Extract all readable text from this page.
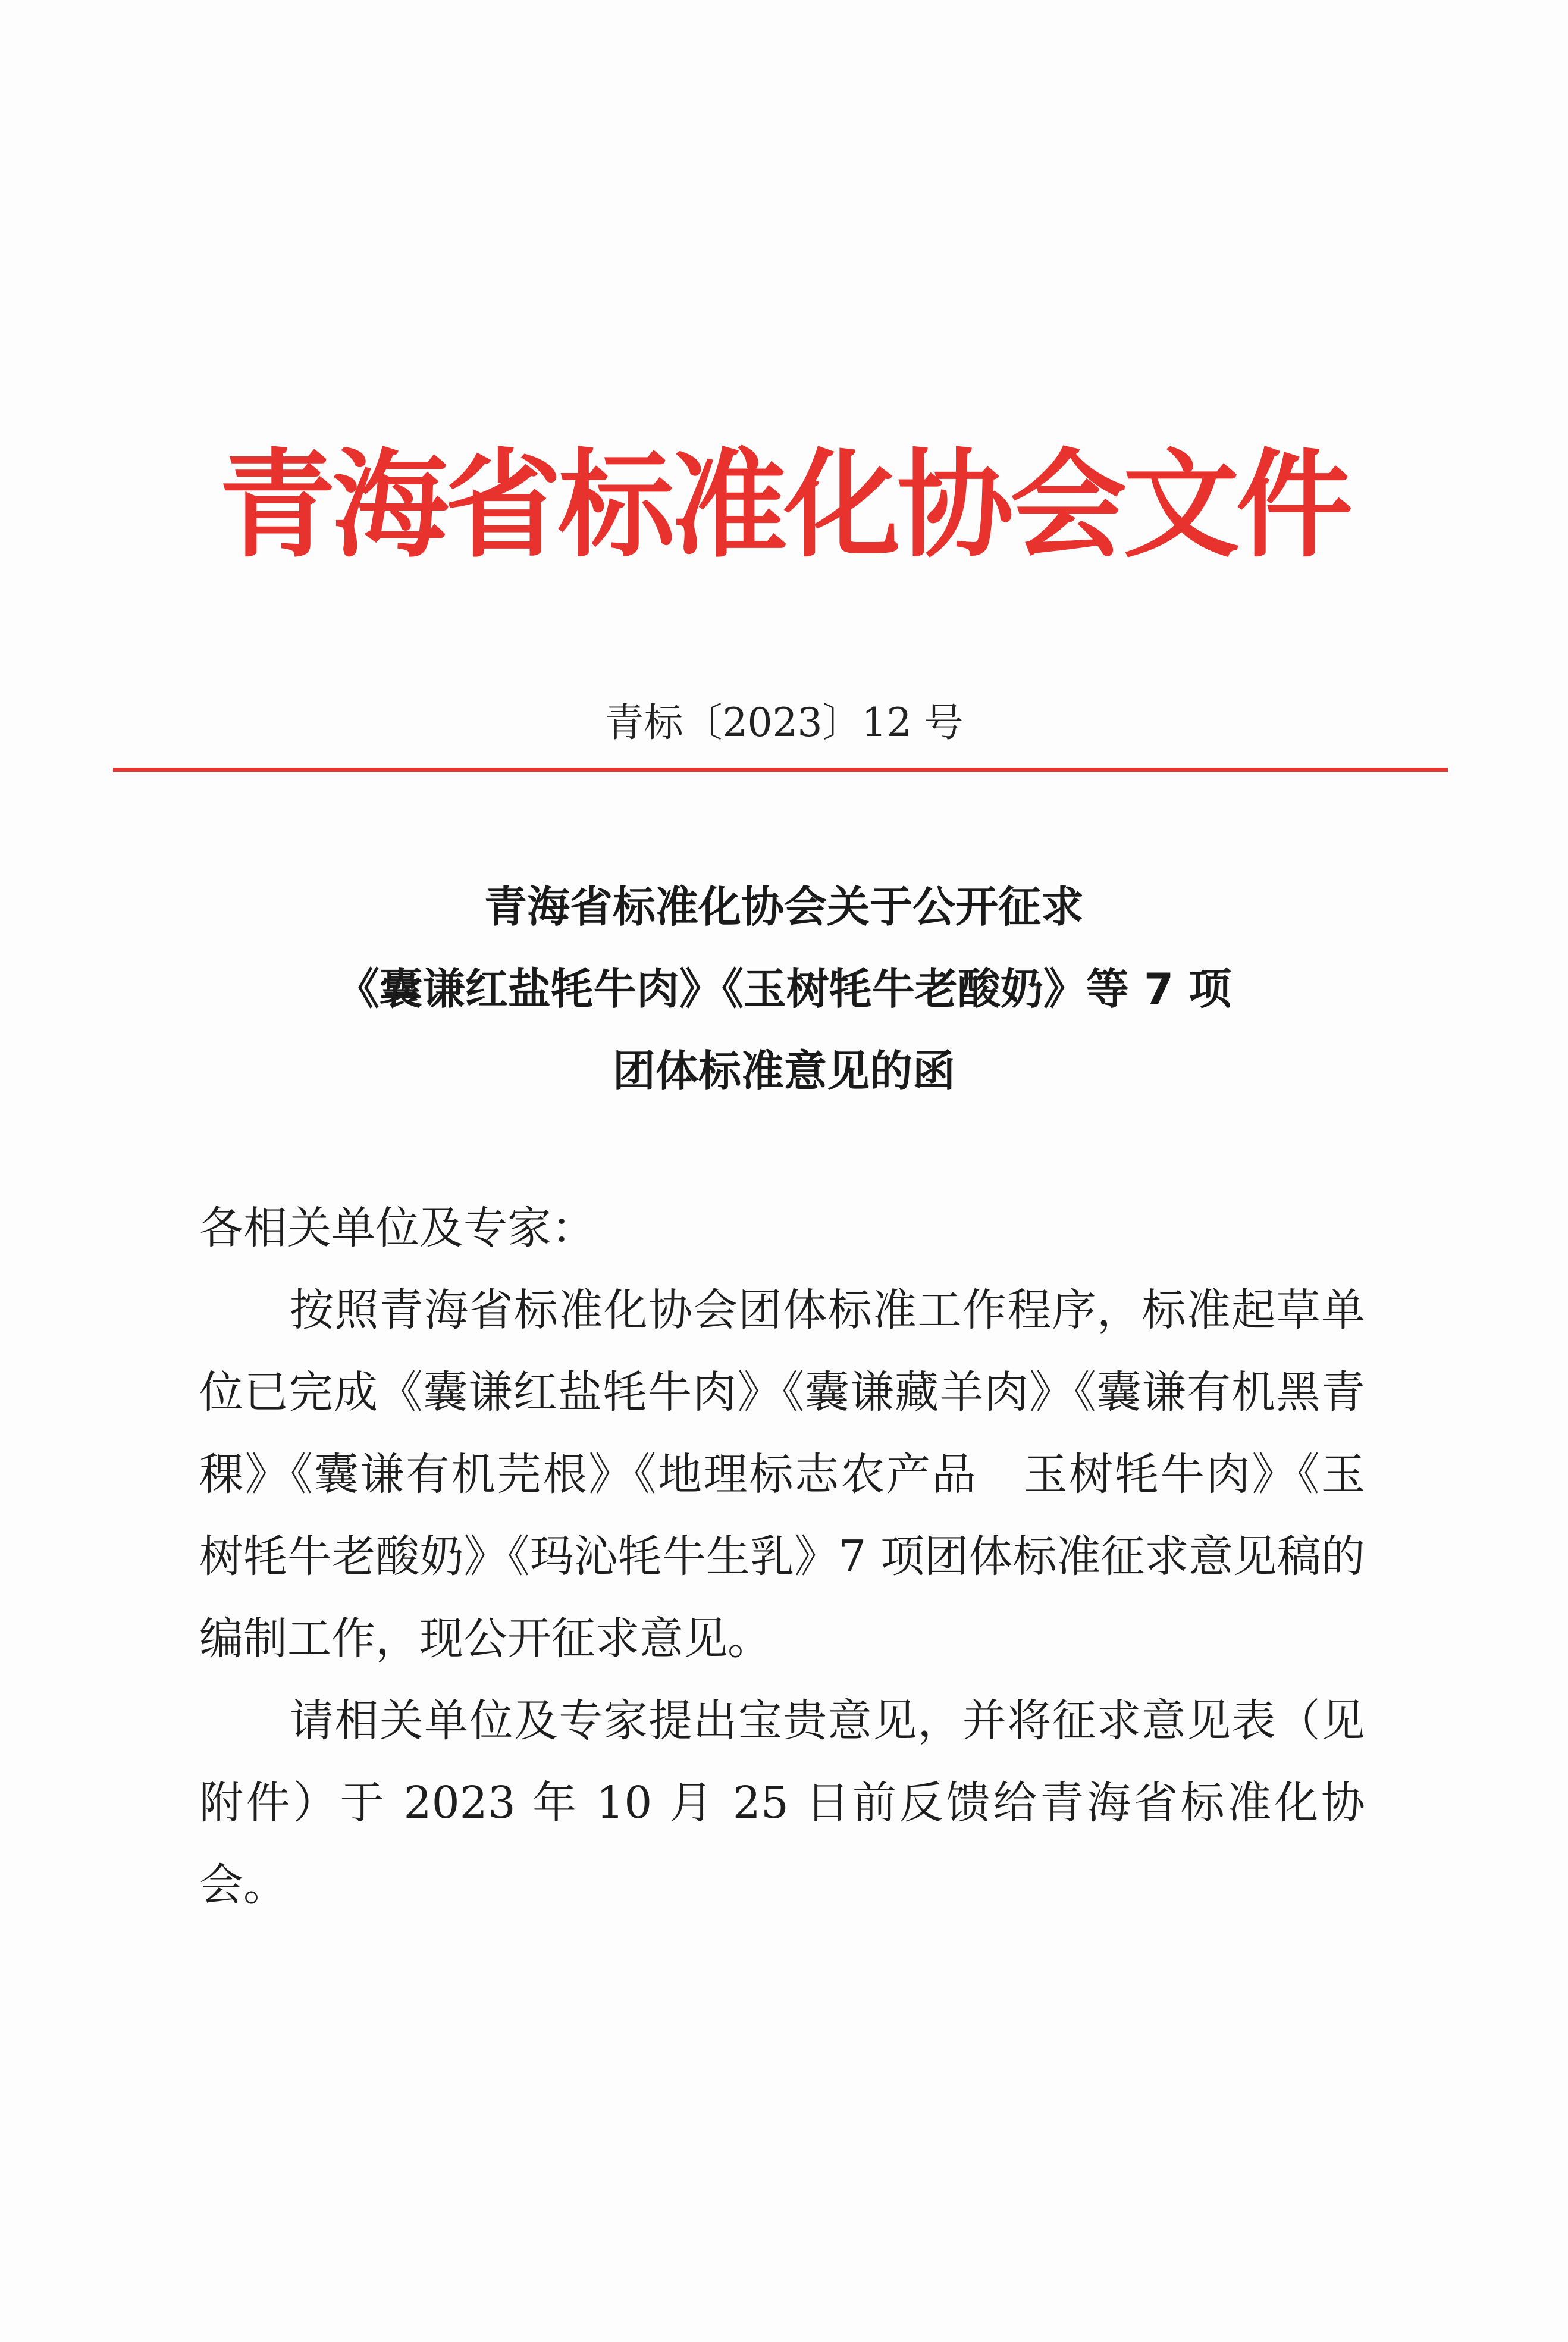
青海省标准化协会文件
青标〔2023〕12 号
青海省标准化协会关于公开征求
《囊谦红盐牦牛肉》《玉树牦牛老酸奶》等 7 项
团体标准意见的函

各相关单位及专家：

按照青海省标准化协会团体标准工作程序，标准起草单位已完成《囊谦红盐牦牛肉》《囊谦藏羊肉》《囊谦有机黑青稞》《囊谦有机芫根》《地理标志农产品　玉树牦牛肉》《玉树牦牛老酸奶》《玛沁牦牛生乳》7 项团体标准征求意见稿的编制工作，现公开征求意见。

请相关单位及专家提出宝贵意见，并将征求意见表（见附件）于 2023 年 10 月 25 日前反馈给青海省标准化协会。
